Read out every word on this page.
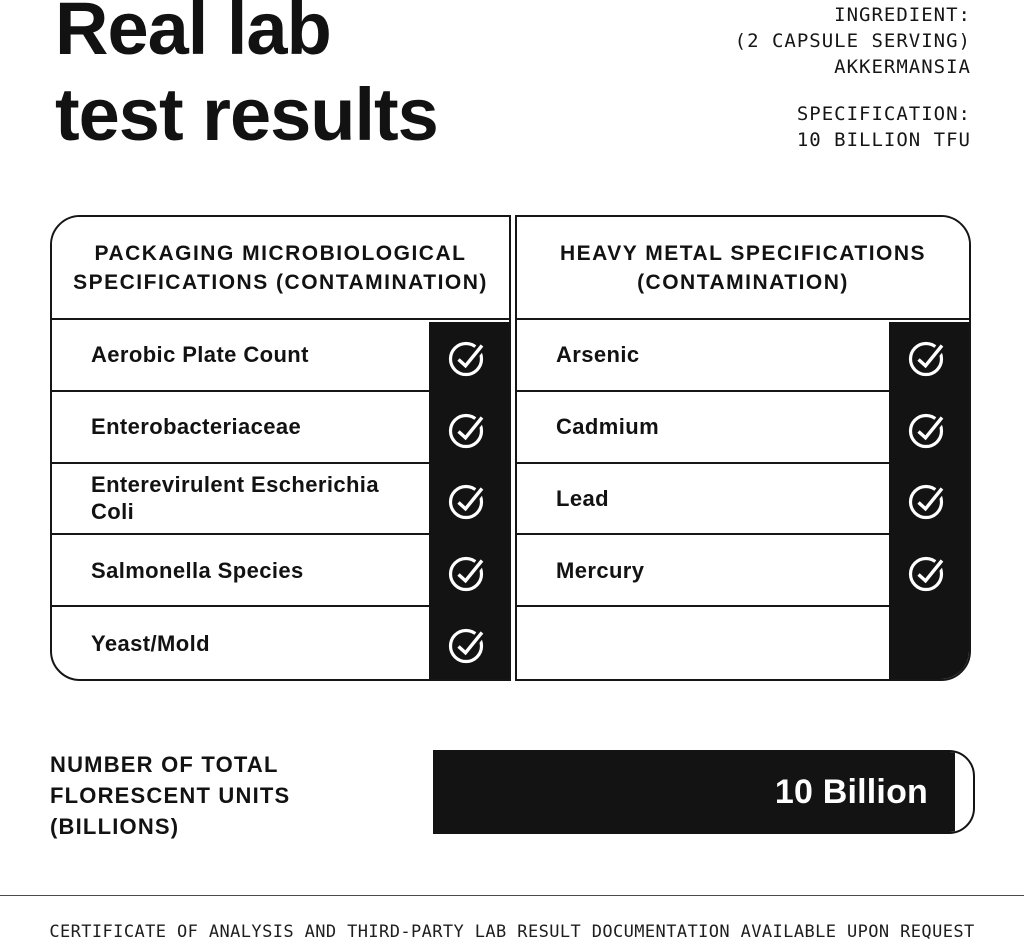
Real lab
test results
INGREDIENT:
(2 CAPSULE SERVING)
AKKERMANSIA
SPECIFICATION:
10 BILLION TFU
PACKAGING MICROBIOLOGICAL
SPECIFICATIONS (CONTAMINATION)
Aerobic Plate Count
Enterobacteriaceae
Enterevirulent Escherichia Coli
Salmonella Species
Yeast/Mold
HEAVY METAL SPECIFICATIONS
(CONTAMINATION)
Arsenic
Cadmium
Lead
Mercury
NUMBER OF TOTAL
FLORESCENT UNITS
(BILLIONS)
10 Billion
CERTIFICATE OF ANALYSIS AND THIRD-PARTY LAB RESULT DOCUMENTATION AVAILABLE UPON REQUEST
